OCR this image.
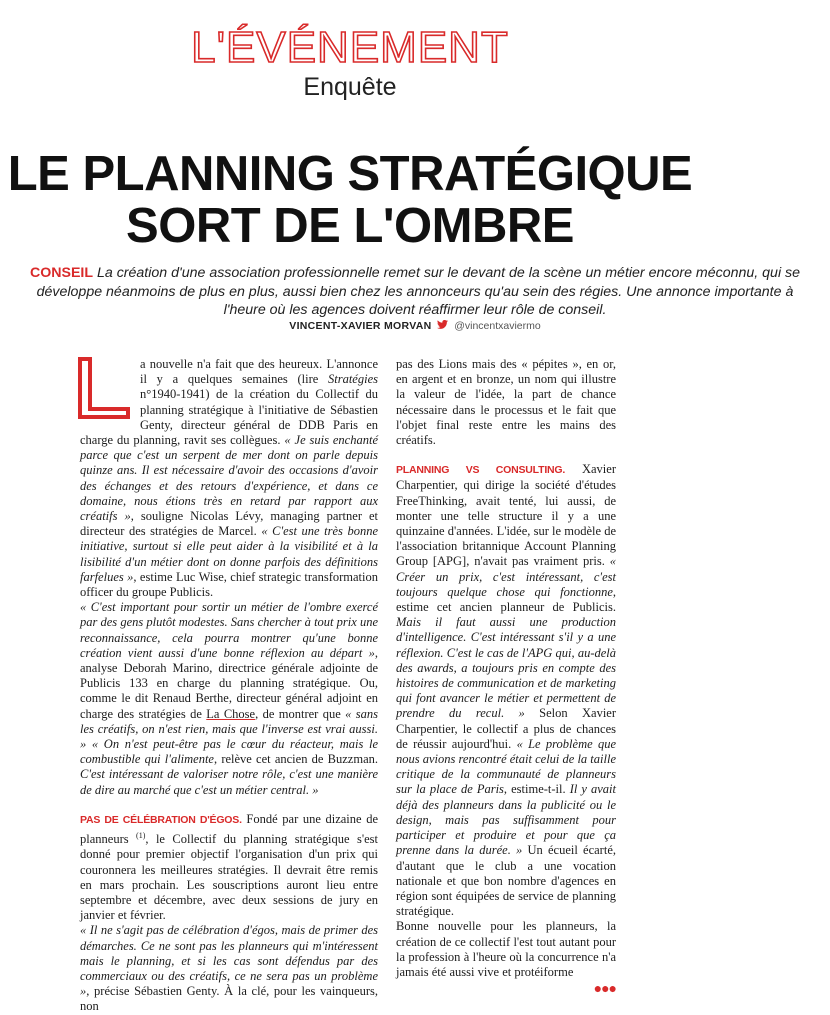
L'ÉVÉNEMENT
Enquête
LE PLANNING STRATÉGIQUE
SORT DE L'OMBRE
CONSEIL La création d'une association professionnelle remet sur le devant de la scène un métier encore méconnu, qui se développe néanmoins de plus en plus, aussi bien chez les annonceurs qu'au sein des régies. Une annonce importante à l'heure où les agences doivent réaffirmer leur rôle de conseil.
VINCENT-XAVIER MORVAN @vincentxaviermo

a nouvelle n'a fait que des heureux. L'annonce il y a quelques semaines (lire Stratégies n°1940-1941) de la création du Collectif du planning stratégique à l'initiative de Sébastien Genty, directeur général de DDB Paris en charge du planning, ravit ses collègues. « Je suis enchanté parce que c'est un serpent de mer dont on parle depuis quinze ans. Il est nécessaire d'avoir des occasions d'avoir des échanges et des retours d'expérience, et dans ce domaine, nous étions très en retard par rapport aux créatifs », souligne Nicolas Lévy, managing partner et directeur des stratégies de Marcel. « C'est une très bonne initiative, surtout si elle peut aider à la visibilité et à la lisibilité d'un métier dont on donne parfois des définitions farfelues », estime Luc Wise, chief strategic transformation officer du groupe Publicis.

« C'est important pour sortir un métier de l'ombre exercé par des gens plutôt modestes. Sans chercher à tout prix une reconnaissance, cela pourra montrer qu'une bonne création vient aussi d'une bonne réflexion au départ », analyse Deborah Marino, directrice générale adjointe de Publicis 133 en charge du planning stratégique. Ou, comme le dit Renaud Berthe, directeur général adjoint en charge des stratégies de La Chose, de montrer que « sans les créatifs, on n'est rien, mais que l'inverse est vrai aussi. » « On n'est peut-être pas le cœur du réacteur, mais le combustible qui l'alimente, relève cet ancien de Buzzman. C'est intéressant de valoriser notre rôle, c'est une manière de dire au marché que c'est un métier central. »

PAS DE CÉLÉBRATION D'ÉGOS. Fondé par une dizaine de planneurs $^{(1)}$, le Collectif du planning stratégique s'est donné pour premier objectif l'organisation d'un prix qui couronnera les meilleures stratégies. Il devrait être remis en mars prochain. Les souscriptions auront lieu entre septembre et décembre, avec deux sessions de jury en janvier et février.

« Il ne s'agit pas de célébration d'égos, mais de primer des démarches. Ce ne sont pas les planneurs qui m'intéressent mais le planning, et si les cas sont défendus par des commerciaux ou des créatifs, ce ne sera pas un problème », précise Sébastien Genty. À la clé, pour les vainqueurs, non

pas des Lions mais des « pépites », en or, en argent et en bronze, un nom qui illustre la valeur de l'idée, la part de chance nécessaire dans le processus et le fait que l'objet final reste entre les mains des créatifs.

PLANNING VS CONSULTING. Xavier Charpentier, qui dirige la société d'études FreeThinking, avait tenté, lui aussi, de monter une telle structure il y a une quinzaine d'années. L'idée, sur le modèle de l'association britannique Account Planning Group [APG], n'avait pas vraiment pris. « Créer un prix, c'est intéressant, c'est toujours quelque chose qui fonctionne, estime cet ancien planneur de Publicis. Mais il faut aussi une production d'intelligence. C'est intéressant s'il y a une réflexion. C'est le cas de l'APG qui, au-delà des awards, a toujours pris en compte des histoires de communication et de marketing qui font avancer le métier et permettent de prendre du recul. » Selon Xavier Charpentier, le collectif a plus de chances de réussir aujourd'hui. « Le problème que nous avions rencontré était celui de la taille critique de la communauté de planneurs sur la place de Paris, estime-t-il. Il y avait déjà des planneurs dans la publicité ou le design, mais pas suffisamment pour participer et produire et pour que ça prenne dans la durée. » Un écueil écarté, d'autant que le club a une vocation nationale et que bon nombre d'agences en région sont équipées de service de planning stratégique.

Bonne nouvelle pour les planneurs, la création de ce collectif l'est tout autant pour la profession à l'heure où la concurrence n'a jamais été aussi vive et protéiforme

●●●
